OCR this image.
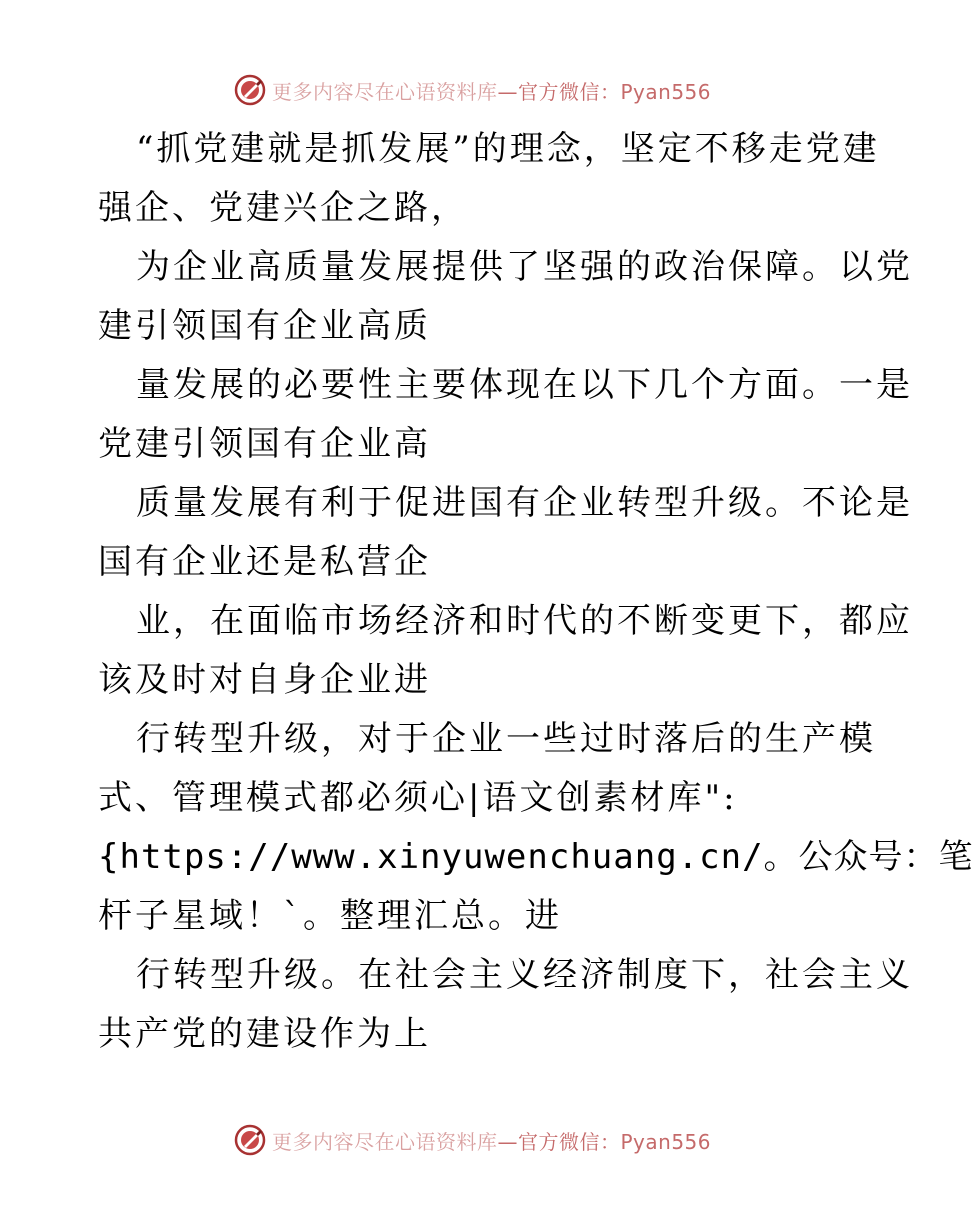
更多内容尽在心语资料库 —官方微信：Pyan556
“抓党建就是抓发展”的理念，坚定不移走党建
强企、党建兴企之路，
为企业高质量发展提供了坚强的政治保障。以党
建引领国有企业高质
量发展的必要性主要体现在以下几个方面。一是
党建引领国有企业高
质量发展有利于促进国有企业转型升级。不论是
国有企业还是私营企
业，在面临市场经济和时代的不断变更下，都应
该及时对自身企业进
行转型升级，对于企业一些过时落后的生产模
式、管理模式都必须心|语文创素材库":
{https://www.xinyuwenchuang.cn/。公众号：笔
杆子星域！`。整理汇总。进
行转型升级。在社会主义经济制度下，社会主义
共产党的建设作为上
更多内容尽在心语资料库 —官方微信：Pyan556
